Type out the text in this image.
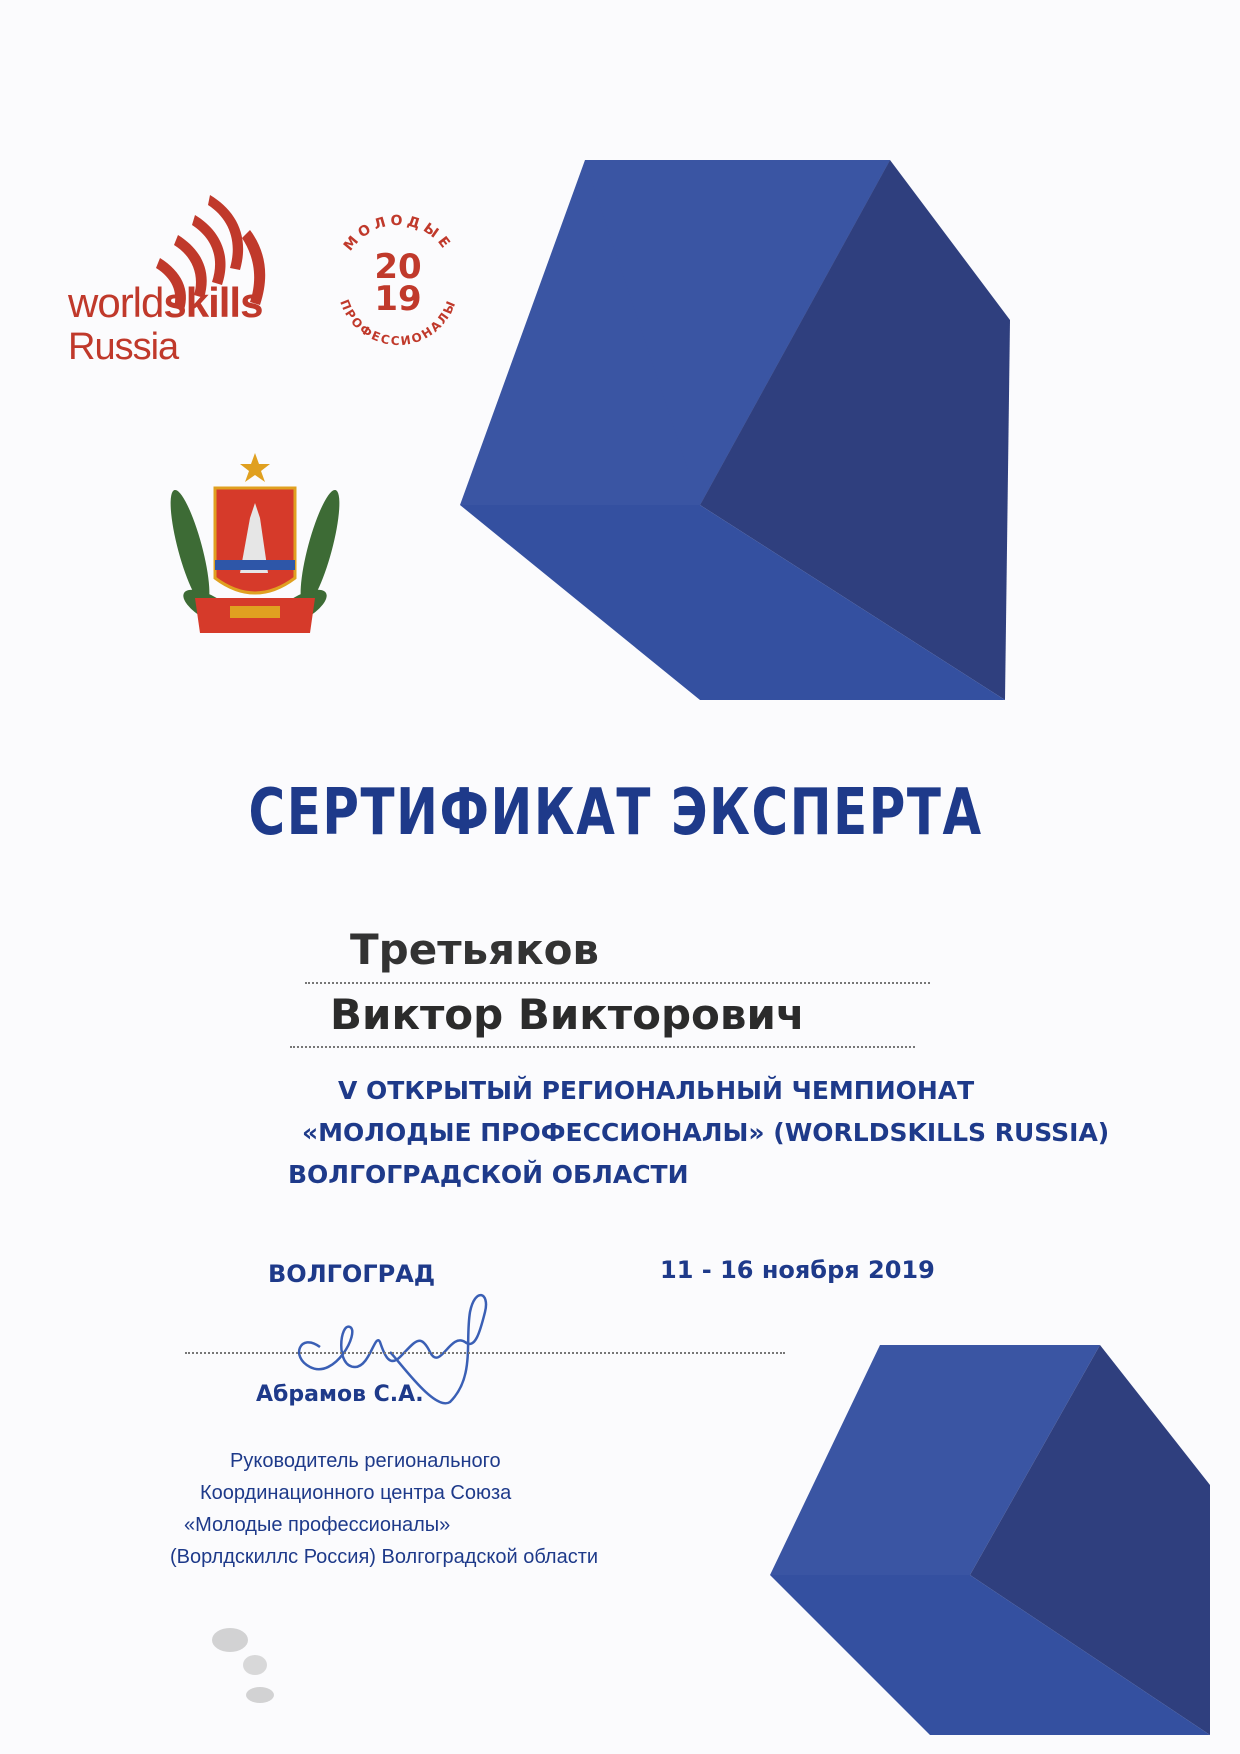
worldskills
Russia
МОЛОДЫЕ
ПРОФЕССИОНАЛЫ
20
19
СЕРТИФИКАТ ЭКСПЕРТА
Третьяков
Виктор Викторович
V ОТКРЫТЫЙ РЕГИОНАЛЬНЫЙ ЧЕМПИОНАТ
«МОЛОДЫЕ ПРОФЕССИОНАЛЫ» (WORLDSKILLS RUSSIA)
ВОЛГОГРАДСКОЙ ОБЛАСТИ
ВОЛГОГРАД	11 - 16 ноября 2019
Абрамов С.А.
Руководитель регионального
Координационного центра Союза
«Молодые профессионалы»
(Ворлдскиллс Россия) Волгоградской области
